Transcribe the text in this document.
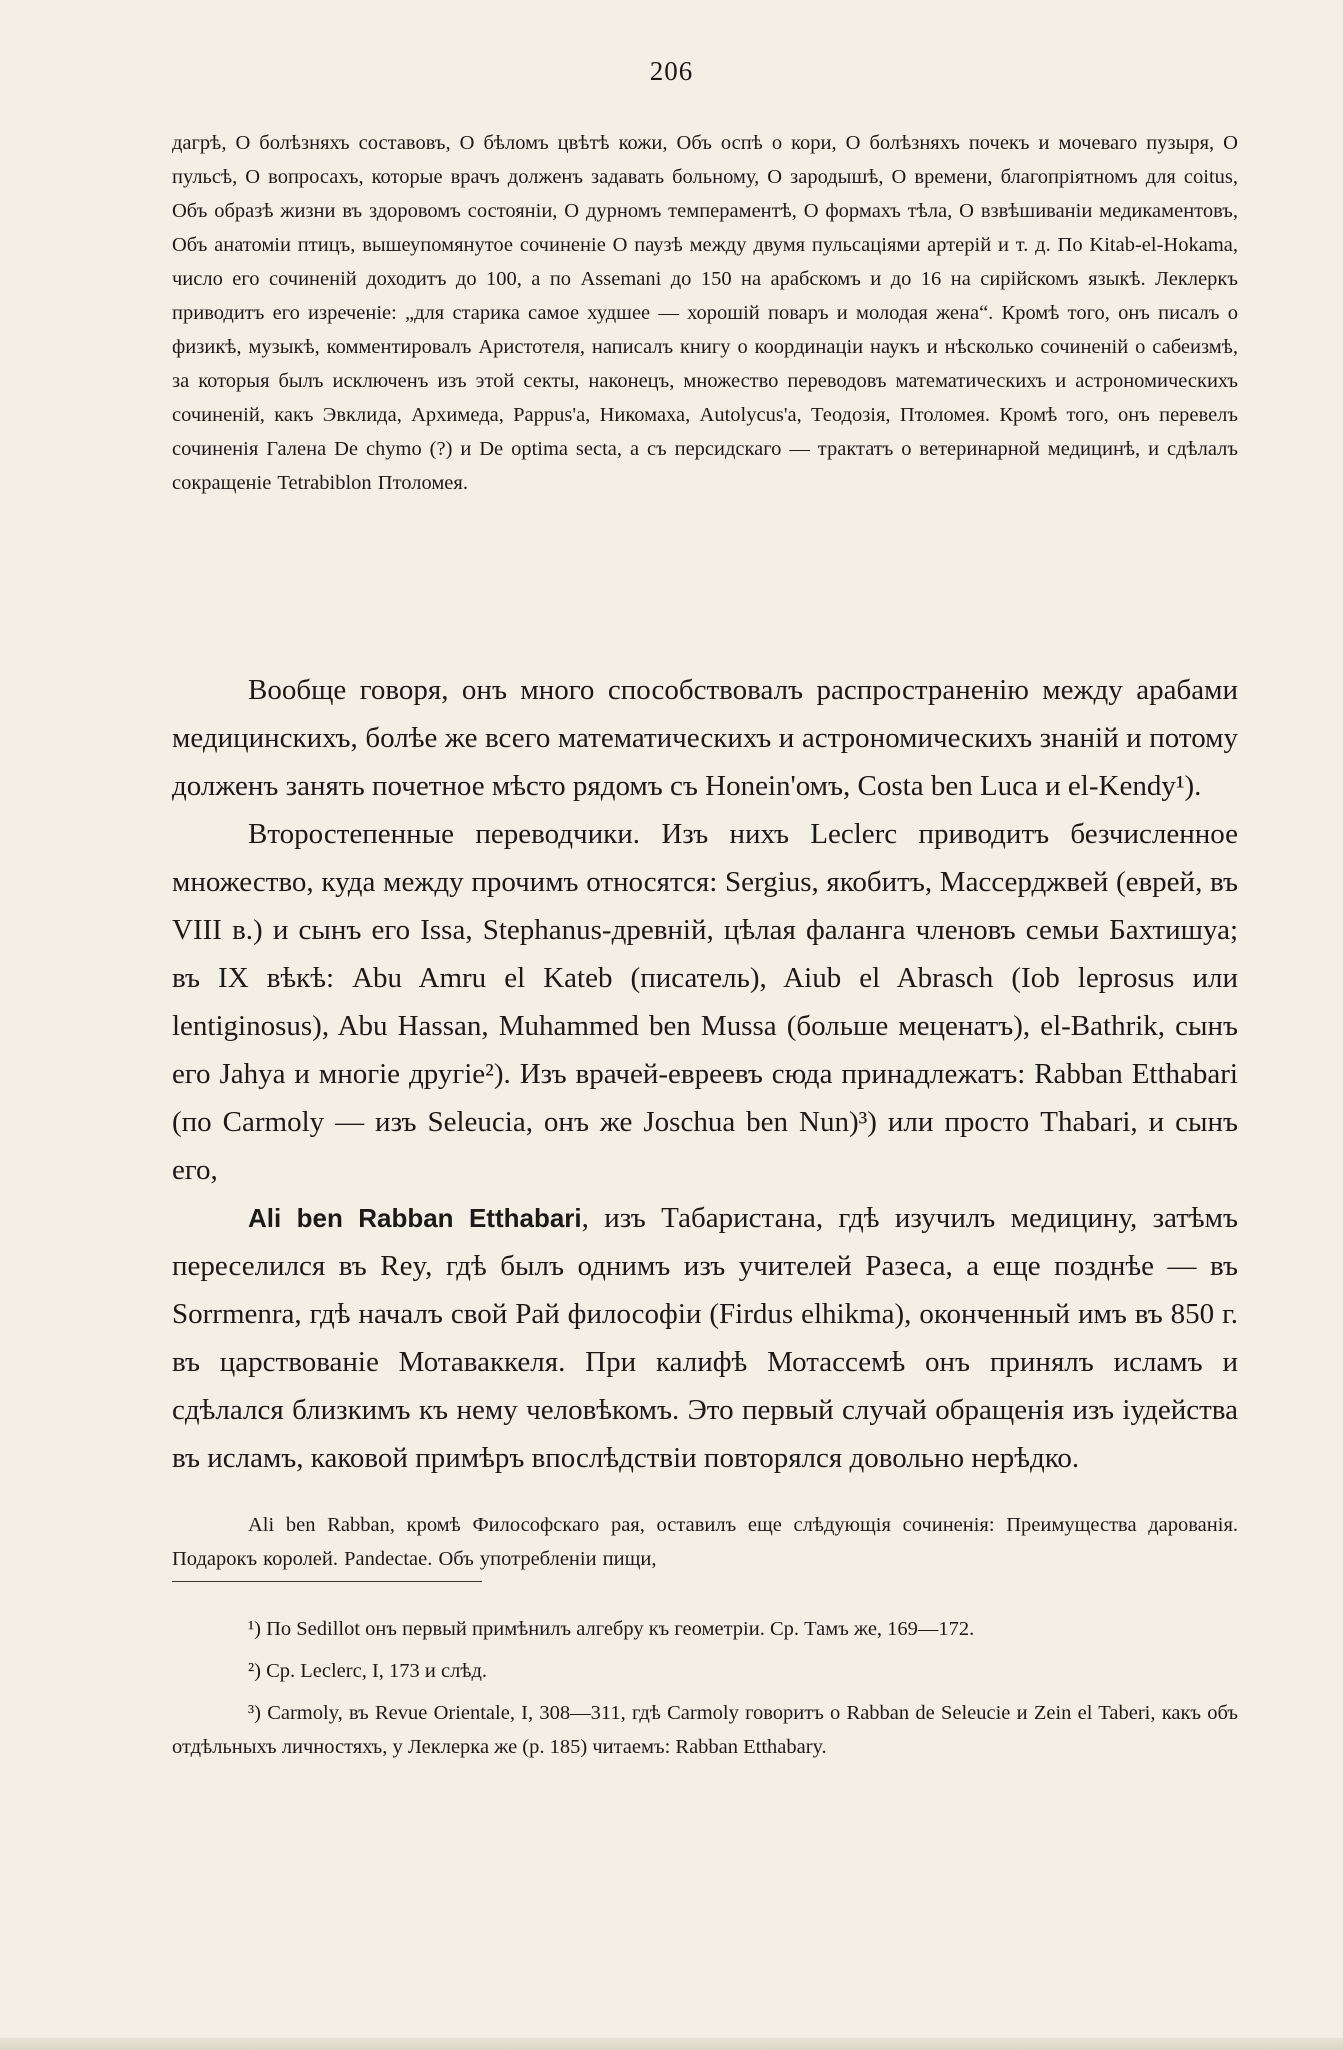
206

дагрѣ, О болѣзняхъ составовъ, О бѣломъ цвѣтѣ кожи, Объ оспѣ о кори, О болѣзняхъ почекъ и мочеваго пузыря, О пульсѣ, О вопросахъ, которые врачъ долженъ задавать больному, О зародышѣ, О времени, благопріятномъ для coitus, Объ образѣ жизни въ здоровомъ состояніи, О дурномъ темпераментѣ, О формахъ тѣла, О взвѣшиваніи медикаментовъ, Объ анатоміи птицъ, вышеупомянутое сочиненіе О паузѣ между двумя пульсаціями артерій и т. д. По Kitab-el-Hokama, число его сочиненій доходитъ до 100, а по Assemani до 150 на арабскомъ и до 16 на сирійскомъ языкѣ. Леклеркъ приводитъ его изреченіе: „для старика самое худшее — хорошій поваръ и молодая жена“. Кромѣ того, онъ писалъ о физикѣ, музыкѣ, комментировалъ Аристотеля, написалъ книгу о координаціи наукъ и нѣсколько сочиненій о сабеизмѣ, за которыя былъ исключенъ изъ этой секты, наконецъ, множество переводовъ математическихъ и астрономическихъ сочиненій, какъ Эвклида, Архимеда, Pappus'а, Никомаха, Autolycus'а, Теодозія, Птоломея. Кромѣ того, онъ перевелъ сочиненія Галена De chymo (?) и De optima secta, а съ персидскаго — трактатъ о ветеринарной медицинѣ, и сдѣлалъ сокращеніе Tetrabiblon Птоломея.

Вообще говоря, онъ много способствовалъ распространенію между арабами медицинскихъ, болѣе же всего математическихъ и астрономическихъ знаній и потому долженъ занять почетное мѣсто рядомъ съ Honein'омъ, Costa ben Luca и el-Kendy¹).

Второстепенные переводчики. Изъ нихъ Leclerc приводитъ безчисленное множество, куда между прочимъ относятся: Sergius, якобитъ, Массерджвей (еврей, въ VIII в.) и сынъ его Issa, Stephanus-древній, цѣлая фаланга членовъ семьи Бахтишуа; въ IX вѣкѣ: Abu Amru el Kateb (писатель), Aiub el Abrasch (Iob leprosus или lentiginosus), Abu Hassan, Muhammed ben Mussa (больше меценатъ), el-Bathrik, сынъ его Jahya и многіе другіе²). Изъ врачей-евреевъ сюда принадлежатъ: Rabban Etthabari (по Carmoly — изъ Seleucia, онъ же Joschua ben Nun)³) или просто Thabari, и сынъ его,

Ali ben Rabban Etthabari, изъ Табаристана, гдѣ изучилъ медицину, затѣмъ переселился въ Rey, гдѣ былъ однимъ изъ учителей Разеса, а еще позднѣе — въ Sorrmenra, гдѣ началъ свой Рай философіи (Firdus elhikma), оконченный имъ въ 850 г. въ царствованіе Мотаваккеля. При калифѣ Мотассемѣ онъ принялъ исламъ и сдѣлался близкимъ къ нему человѣкомъ. Это первый случай обращенія изъ іудейства въ исламъ, каковой примѣръ впослѣдствіи повторялся довольно нерѣдко.

Ali ben Rabban, кромѣ Философскаго рая, оставилъ еще слѣдующія сочиненія: Преимущества дарованія. Подарокъ королей. Pandectae. Объ употребленіи пищи,

¹) По Sedillot онъ первый примѣнилъ алгебру къ геометріи. Ср. Тамъ же, 169—172.

²) Ср. Leclerc, I, 173 и слѣд.

³) Carmoly, въ Revue Orientale, I, 308—311, гдѣ Carmoly говоритъ о Rabban de Seleucie и Zein el Taberi, какъ объ отдѣльныхъ личностяхъ, у Леклерка же (p. 185) читаемъ: Rabban Etthabary.
